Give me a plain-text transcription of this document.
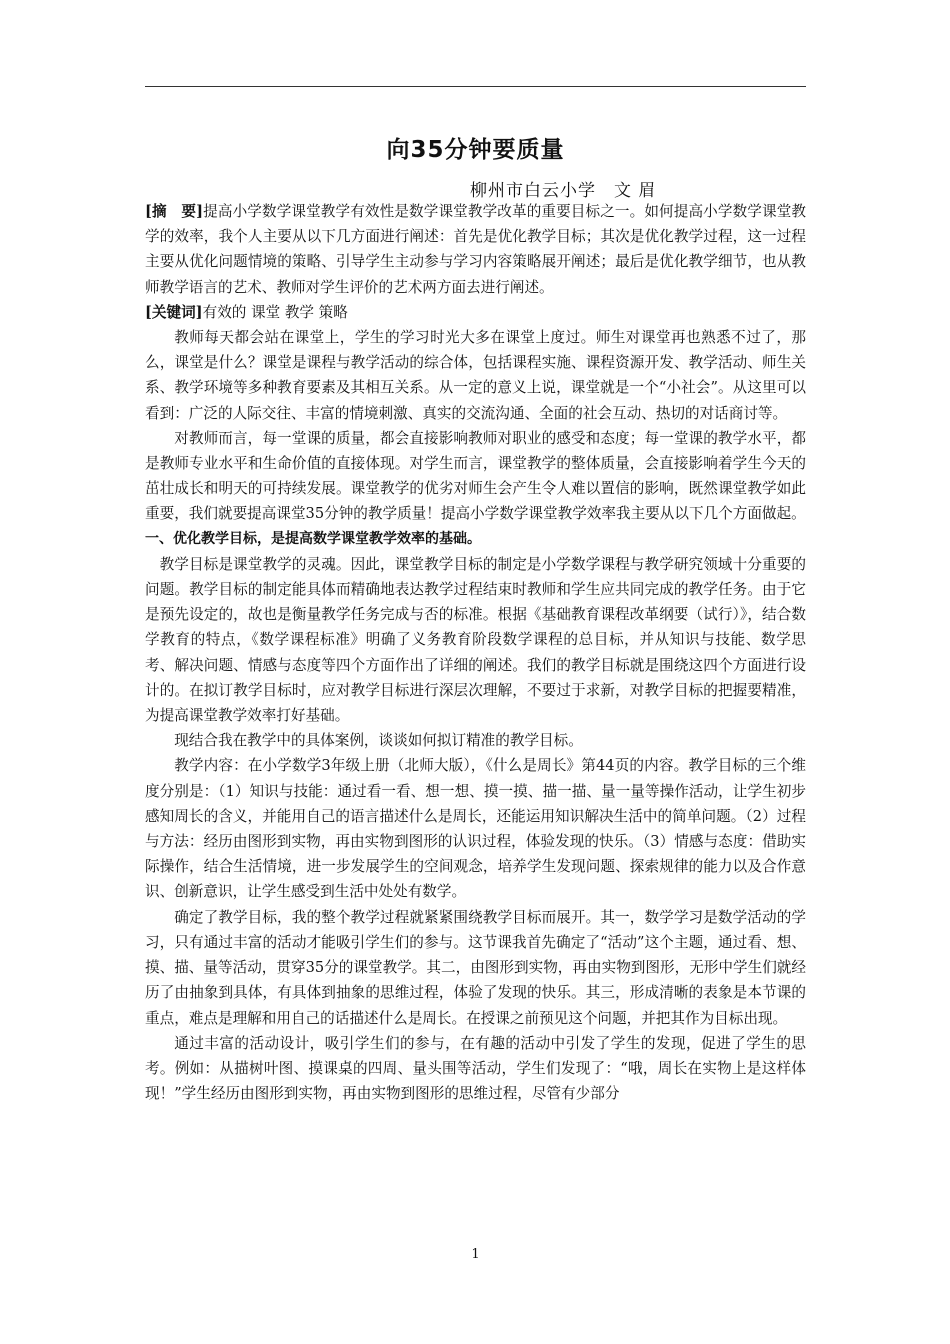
向35分钟要质量
柳州市白云小学　文 眉

[摘　要]提高小学数学课堂教学有效性是数学课堂教学改革的重要目标之一。如何提高小学数学课堂教学的效率，我个人主要从以下几方面进行阐述：首先是优化教学目标；其次是优化教学过程，这一过程主要从优化问题情境的策略、引导学生主动参与学习内容策略展开阐述；最后是优化教学细节，也从教师教学语言的艺术、教师对学生评价的艺术两方面去进行阐述。

[关键词]有效的 课堂 教学 策略

教师每天都会站在课堂上，学生的学习时光大多在课堂上度过。师生对课堂再也熟悉不过了，那么，课堂是什么？课堂是课程与教学活动的综合体，包括课程实施、课程资源开发、教学活动、师生关系、教学环境等多种教育要素及其相互关系。从一定的意义上说，课堂就是一个“小社会”。从这里可以看到：广泛的人际交往、丰富的情境刺激、真实的交流沟通、全面的社会互动、热切的对话商讨等。

对教师而言，每一堂课的质量，都会直接影响教师对职业的感受和态度；每一堂课的教学水平，都是教师专业水平和生命价值的直接体现。对学生而言，课堂教学的整体质量，会直接影响着学生今天的茁壮成长和明天的可持续发展。课堂教学的优劣对师生会产生令人难以置信的影响，既然课堂教学如此重要，我们就要提高课堂35分钟的教学质量！提高小学数学课堂教学效率我主要从以下几个方面做起。

一、优化教学目标，是提高数学课堂教学效率的基础。

教学目标是课堂教学的灵魂。因此，课堂教学目标的制定是小学数学课程与教学研究领域十分重要的问题。教学目标的制定能具体而精确地表达教学过程结束时教师和学生应共同完成的教学任务。由于它是预先设定的，故也是衡量教学任务完成与否的标准。根据《基础教育课程改革纲要（试行）》，结合数学教育的特点，《数学课程标准》明确了义务教育阶段数学课程的总目标，并从知识与技能、数学思考、解决问题、情感与态度等四个方面作出了详细的阐述。我们的教学目标就是围绕这四个方面进行设计的。在拟订教学目标时，应对教学目标进行深层次理解，不要过于求新，对教学目标的把握要精准，为提高课堂教学效率打好基础。

现结合我在教学中的具体案例，谈谈如何拟订精准的教学目标。

教学内容：在小学数学3年级上册（北师大版），《什么是周长》第44页的内容。教学目标的三个维度分别是：（1）知识与技能：通过看一看、想一想、摸一摸、描一描、量一量等操作活动，让学生初步感知周长的含义，并能用自己的语言描述什么是周长，还能运用知识解决生活中的简单问题。（2）过程与方法：经历由图形到实物，再由实物到图形的认识过程，体验发现的快乐。（3）情感与态度：借助实际操作，结合生活情境，进一步发展学生的空间观念，培养学生发现问题、探索规律的能力以及合作意识、创新意识，让学生感受到生活中处处有数学。

确定了教学目标，我的整个教学过程就紧紧围绕教学目标而展开。其一，数学学习是数学活动的学习，只有通过丰富的活动才能吸引学生们的参与。这节课我首先确定了“活动”这个主题，通过看、想、摸、描、量等活动，贯穿35分的课堂教学。其二，由图形到实物，再由实物到图形，无形中学生们就经历了由抽象到具体，有具体到抽象的思维过程，体验了发现的快乐。其三，形成清晰的表象是本节课的重点，难点是理解和用自己的话描述什么是周长。在授课之前预见这个问题，并把其作为目标出现。

通过丰富的活动设计，吸引学生们的参与，在有趣的活动中引发了学生的发现，促进了学生的思考。例如：从描树叶图、摸课桌的四周、量头围等活动，学生们发现了：“哦，周长在实物上是这样体现！”学生经历由图形到实物，再由实物到图形的思维过程，尽管有少部分

1
